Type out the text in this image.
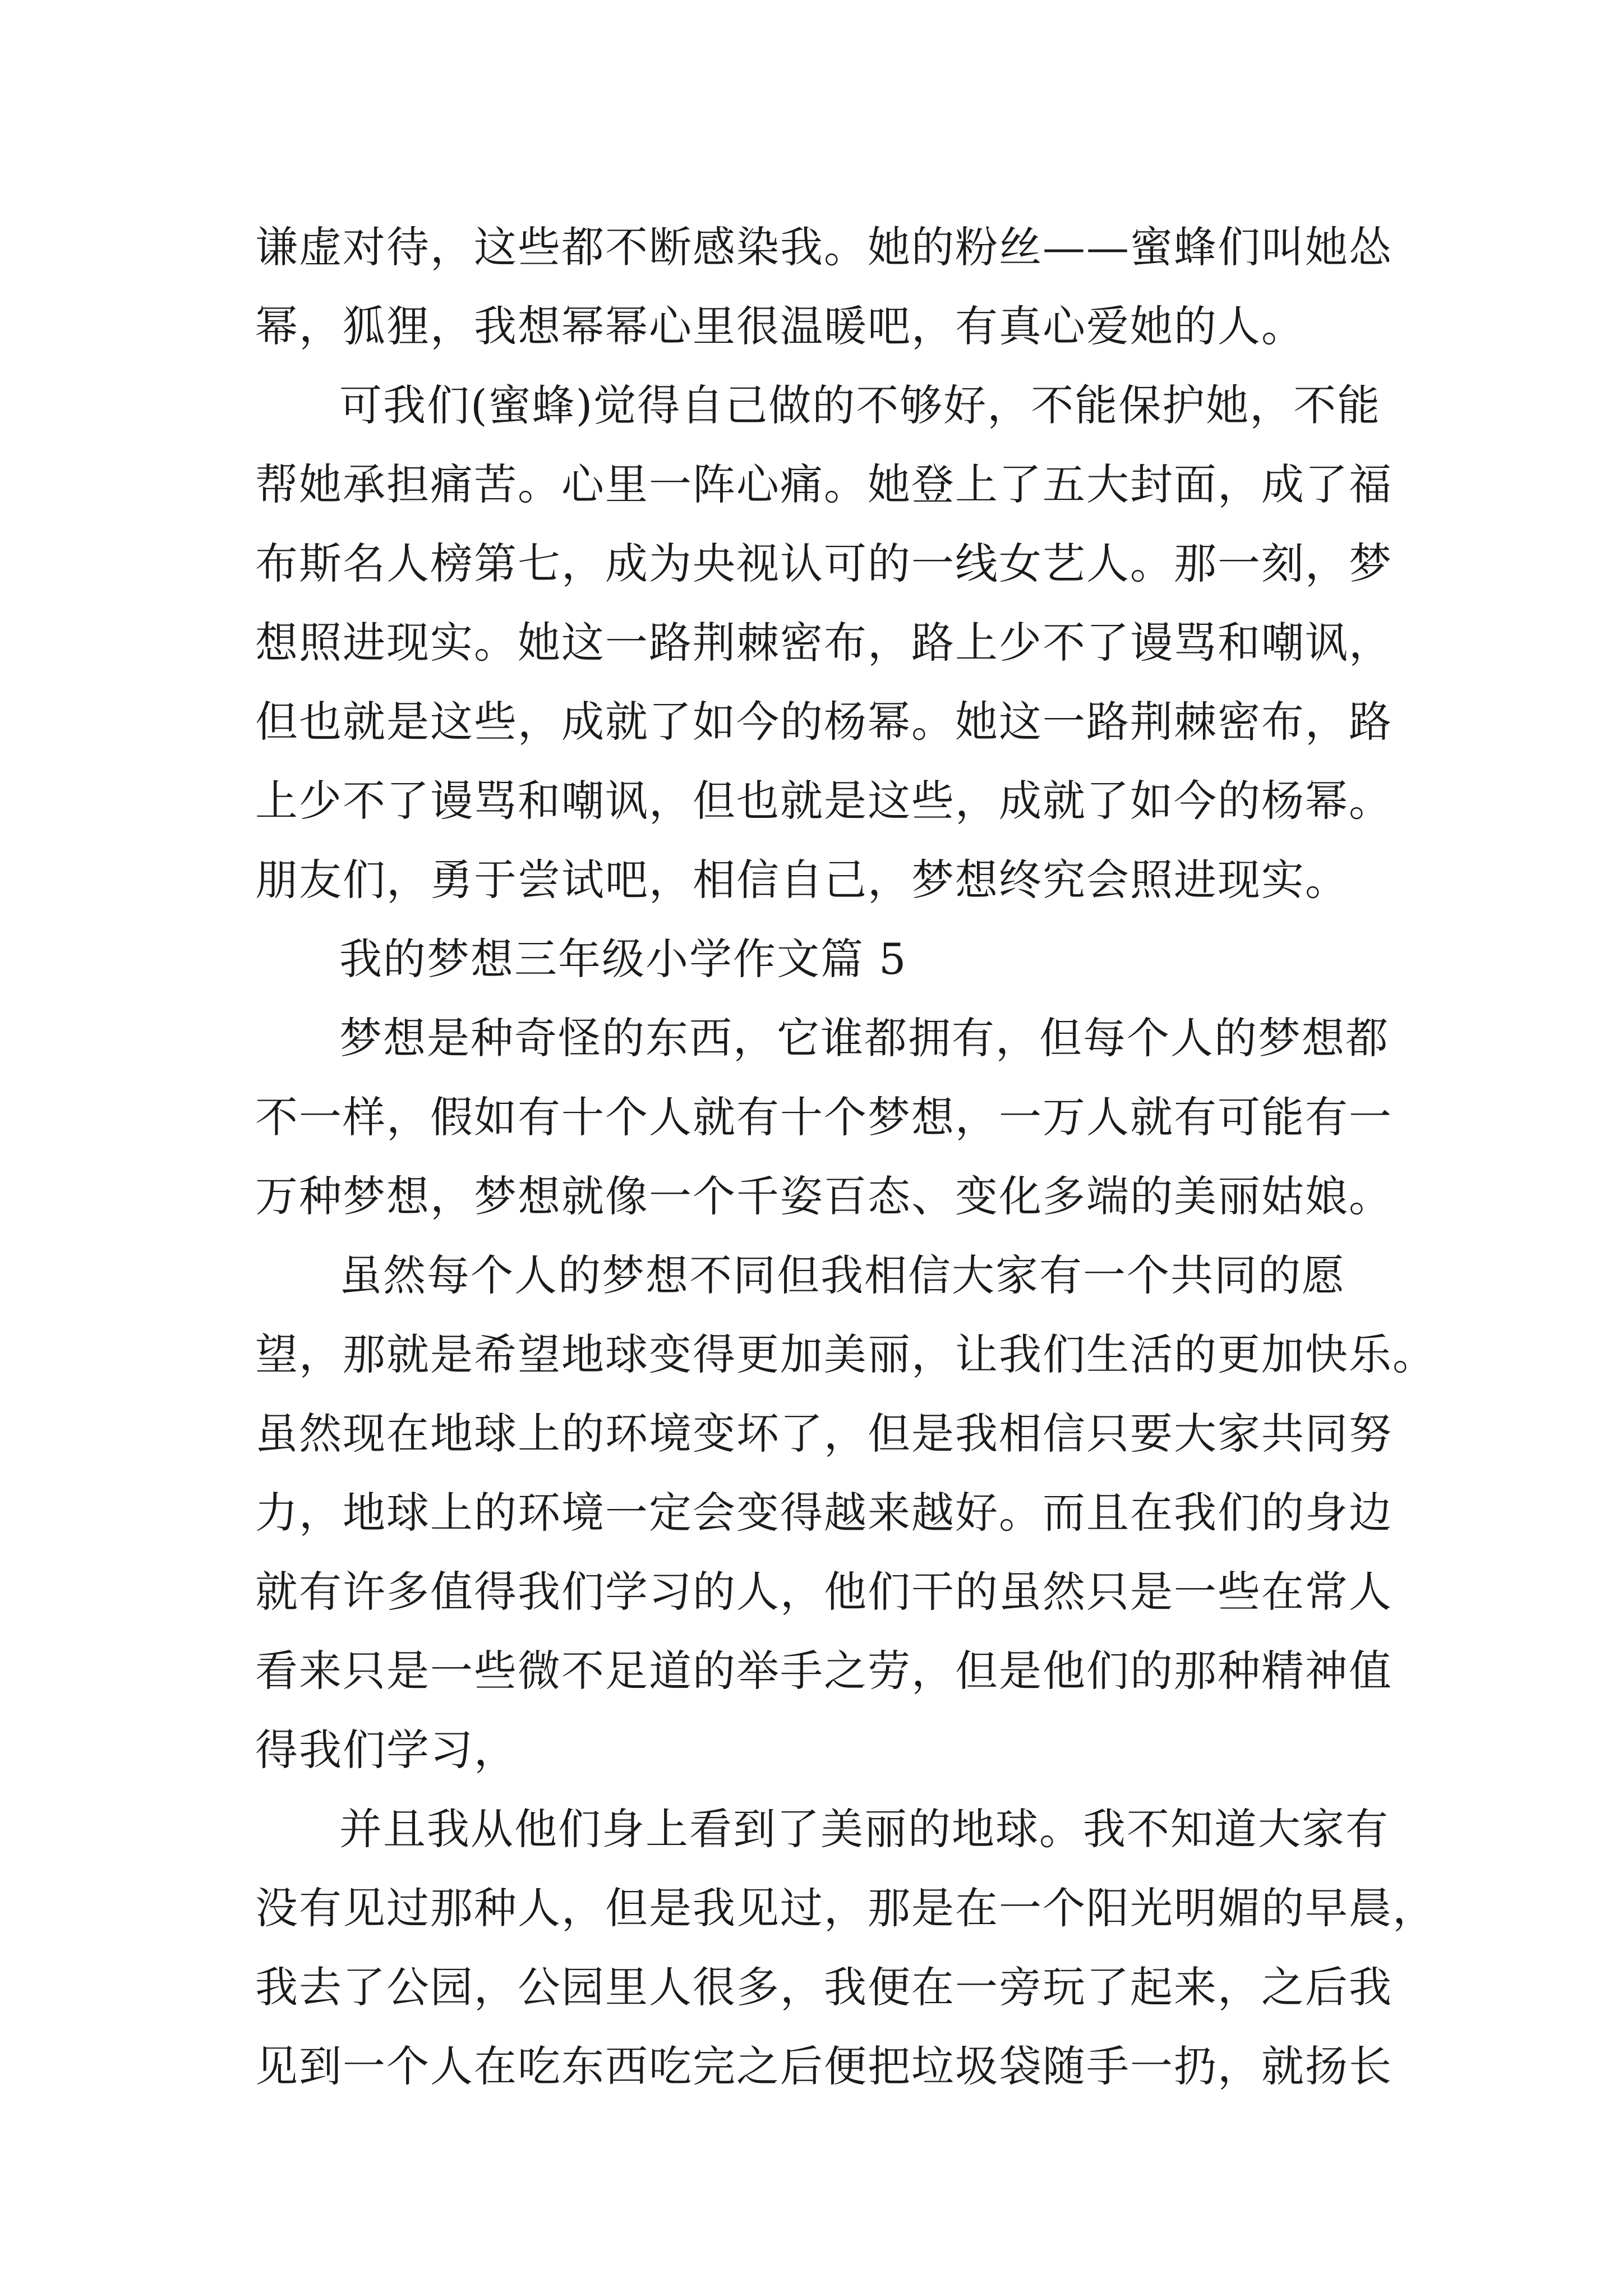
谦虚对待，这些都不断感染我。她的粉丝——蜜蜂们叫她怂
幂，狐狸，我想幂幂心里很温暖吧，有真心爱她的人。
可我们(蜜蜂)觉得自己做的不够好，不能保护她，不能
帮她承担痛苦。心里一阵心痛。她登上了五大封面，成了福
布斯名人榜第七，成为央视认可的一线女艺人。那一刻，梦
想照进现实。她这一路荆棘密布，路上少不了谩骂和嘲讽，
但也就是这些，成就了如今的杨幂。她这一路荆棘密布，路
上少不了谩骂和嘲讽，但也就是这些，成就了如今的杨幂。
朋友们，勇于尝试吧，相信自己，梦想终究会照进现实。
我的梦想三年级小学作文篇 5
梦想是种奇怪的东西，它谁都拥有，但每个人的梦想都
不一样，假如有十个人就有十个梦想，一万人就有可能有一
万种梦想，梦想就像一个千姿百态、变化多端的美丽姑娘。
虽然每个人的梦想不同但我相信大家有一个共同的愿
望，那就是希望地球变得更加美丽，让我们生活的更加快乐。
虽然现在地球上的环境变坏了，但是我相信只要大家共同努
力，地球上的环境一定会变得越来越好。而且在我们的身边
就有许多值得我们学习的人，他们干的虽然只是一些在常人
看来只是一些微不足道的举手之劳，但是他们的那种精神值
得我们学习，
并且我从他们身上看到了美丽的地球。我不知道大家有
没有见过那种人，但是我见过，那是在一个阳光明媚的早晨，
我去了公园，公园里人很多，我便在一旁玩了起来，之后我
见到一个人在吃东西吃完之后便把垃圾袋随手一扔，就扬长
